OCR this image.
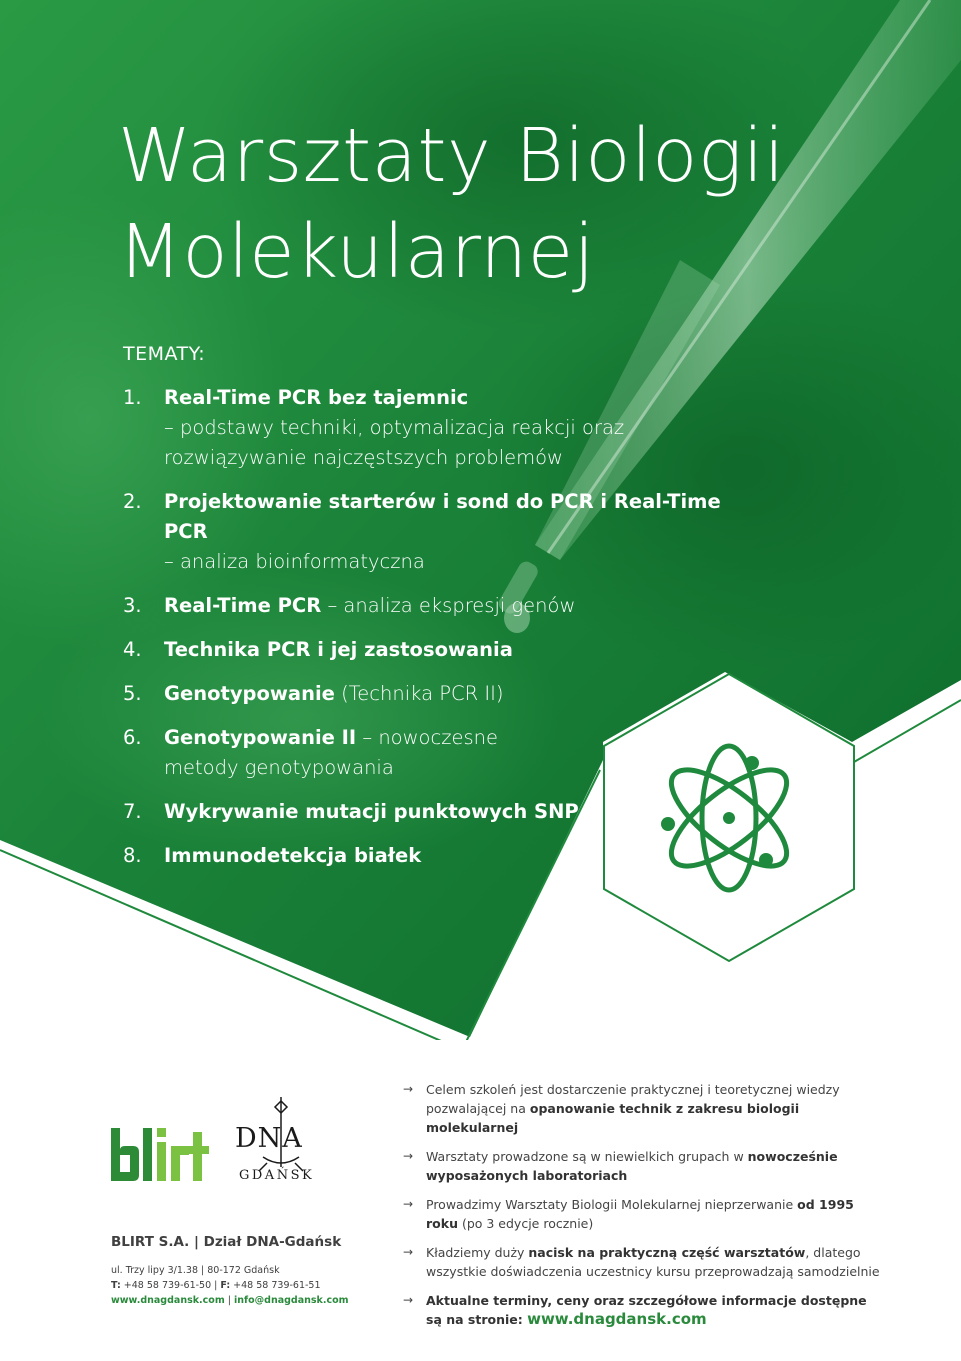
Warsztaty Biologii
Molekularnej
TEMATY:
1. Real-Time PCR bez tajemnic
– podstawy techniki, optymalizacja reakcji oraz
rozwiązywanie najczęstszych problemów
2. Projektowanie starterów i sond do PCR i Real-Time PCR
– analiza bioinformatyczna
3. Real-Time PCR – analiza ekspresji genów
4. Technika PCR i jej zastosowania
5. Genotypowanie (Technika PCR II)
6. Genotypowanie II – nowoczesne
metody genotypowania
7. Wykrywanie mutacji punktowych SNP
8. Immunodetekcja białek
DNA
GDAŃSK
BLIRT S.A. | Dział DNA-Gdańsk
ul. Trzy lipy 3/1.38 | 80-172 Gdańsk
T: +48 58 739-61-50 | F: +48 58 739-61-51
www.dnagdansk.com | info@dnagdansk.com
→ Celem szkoleń jest dostarczenie praktycznej i teoretycznej wiedzy pozwalającej na opanowanie technik z zakresu biologii molekularnej
→ Warsztaty prowadzone są w niewielkich grupach w nowocześnie wyposażonych laboratoriach
→ Prowadzimy Warsztaty Biologii Molekularnej nieprzerwanie od 1995 roku (po 3 edycje rocznie)
→ Kładziemy duży nacisk na praktyczną część warsztatów, dlatego wszystkie doświadczenia uczestnicy kursu przeprowadzają samodzielnie
→ Aktualne terminy, ceny oraz szczegółowe informacje dostępne są na stronie: www.dnagdansk.com
